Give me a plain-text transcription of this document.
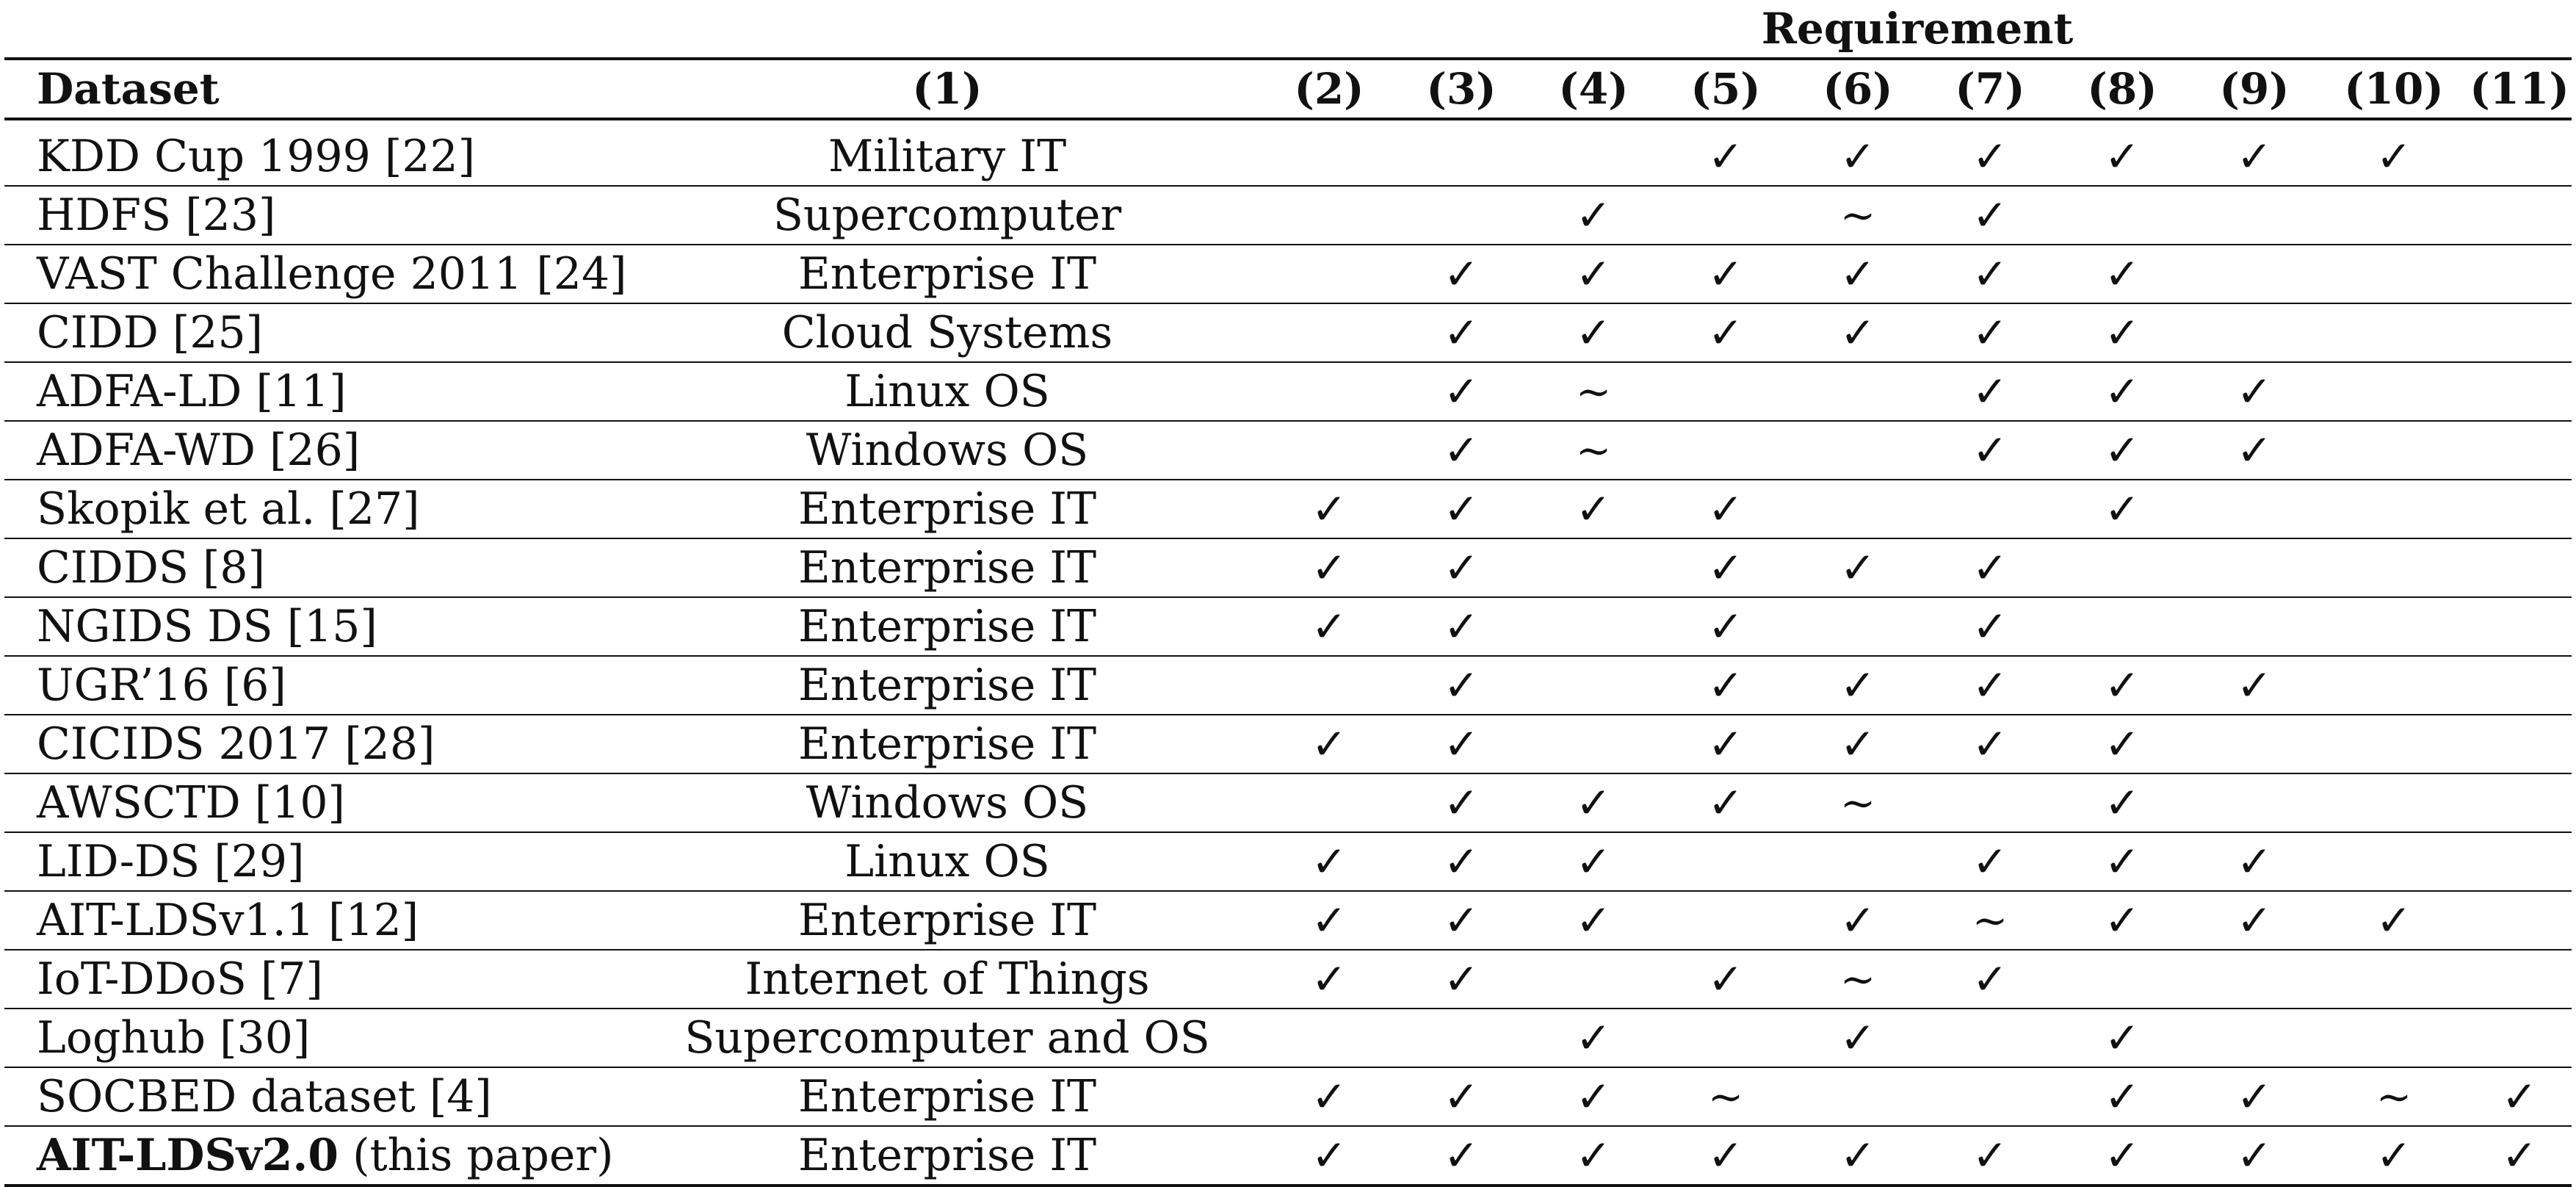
		Requirement									
Dataset	(1)	(2)	(3)	(4)	(5)	(6)	(7)	(8)	(9)	(10)	(11)

KDD Cup 1999 [22]	Military IT				✓	✓	✓	✓	✓	✓	
HDFS [23]	Supercomputer			✓		∼	✓				
VAST Challenge 2011 [24]	Enterprise IT		✓	✓	✓	✓	✓	✓			
CIDD [25]	Cloud Systems		✓	✓	✓	✓	✓	✓			
ADFA-LD [11]	Linux OS		✓	∼			✓	✓	✓		
ADFA-WD [26]	Windows OS		✓	∼			✓	✓	✓		
Skopik et al. [27]	Enterprise IT	✓	✓	✓	✓			✓			
CIDDS [8]	Enterprise IT	✓	✓		✓	✓	✓				
NGIDS DS [15]	Enterprise IT	✓	✓		✓		✓				
UGR’16 [6]	Enterprise IT		✓		✓	✓	✓	✓	✓		
CICIDS 2017 [28]	Enterprise IT	✓	✓		✓	✓	✓	✓			
AWSCTD [10]	Windows OS		✓	✓	✓	∼		✓			
LID-DS [29]	Linux OS	✓	✓	✓			✓	✓	✓		
AIT-LDSv1.1 [12]	Enterprise IT	✓	✓	✓		✓	∼	✓	✓	✓	
IoT-DDoS [7]	Internet of Things	✓	✓		✓	∼	✓				
Loghub [30]	Supercomputer and OS			✓		✓		✓			
SOCBED dataset [4]	Enterprise IT	✓	✓	✓	∼			✓	✓	∼	✓
AIT-LDSv2.0 (this paper)	Enterprise IT	✓	✓	✓	✓	✓	✓	✓	✓	✓	✓
